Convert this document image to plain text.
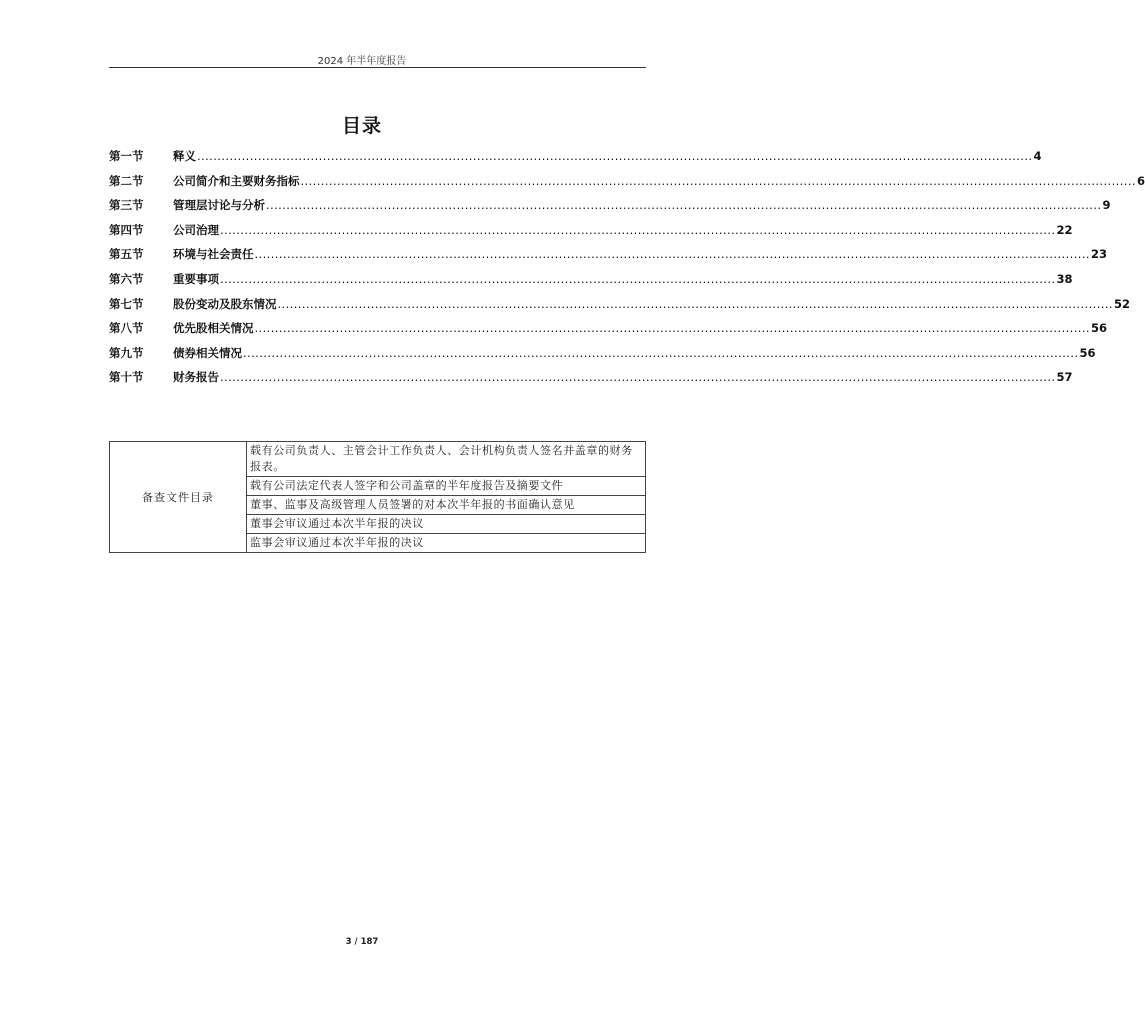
2024 年半年度报告
目录
第一节	释义 .............................................................................................................................................................................................................. 4
第二节	公司简介和主要财务指标 .............................................................................................................................................................................................................. 6
第三节	管理层讨论与分析 .............................................................................................................................................................................................................. 9
第四节	公司治理 .............................................................................................................................................................................................................. 22
第五节	环境与社会责任 .............................................................................................................................................................................................................. 23
第六节	重要事项 .............................................................................................................................................................................................................. 38
第七节	股份变动及股东情况 .............................................................................................................................................................................................................. 52
第八节	优先股相关情况 .............................................................................................................................................................................................................. 56
第九节	债券相关情况 .............................................................................................................................................................................................................. 56
第十节	财务报告 .............................................................................................................................................................................................................. 57
备查文件目录	载有公司负责人、主管会计工作负责人、会计机构负责人签名并盖章的财务报表。
载有公司法定代表人签字和公司盖章的半年度报告及摘要文件
董事、监事及高级管理人员签署的对本次半年报的书面确认意见
董事会审议通过本次半年报的决议
监事会审议通过本次半年报的决议
3 / 187
